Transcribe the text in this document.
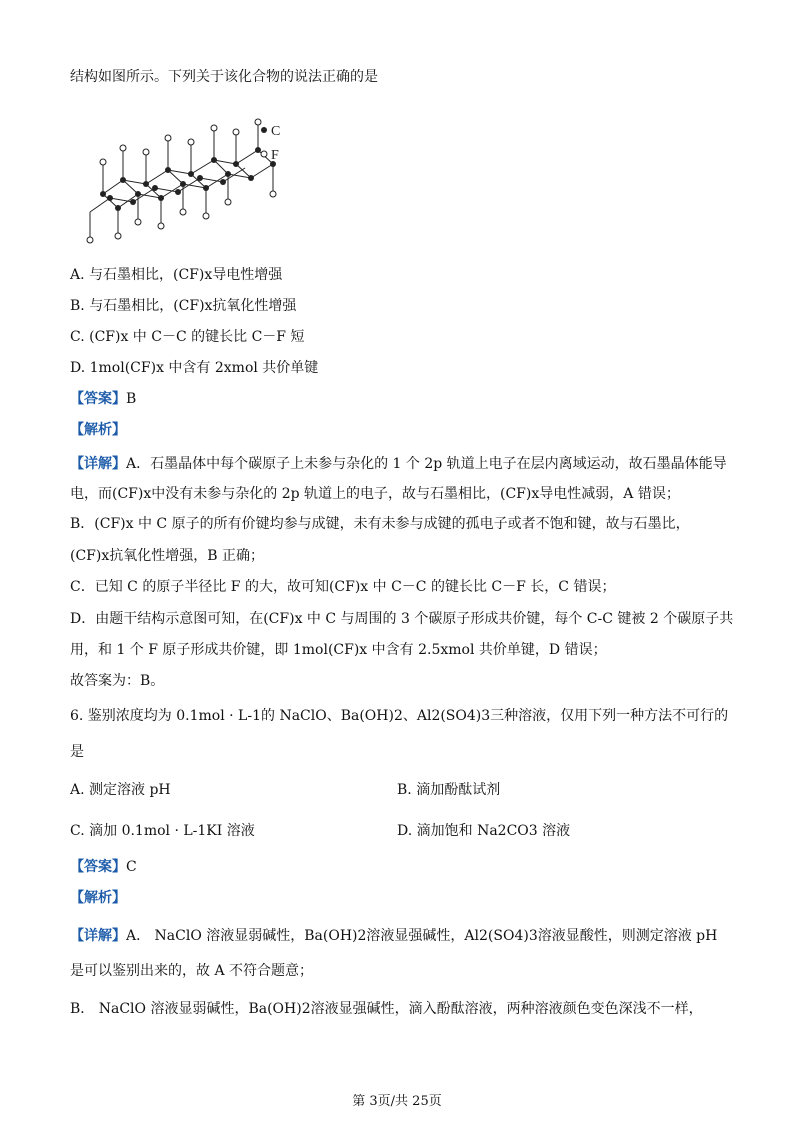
结构如图所示。下列关于该化合物的说法正确的是
C
F
A. 与石墨相比，(CF)x导电性增强
B. 与石墨相比，(CF)x抗氧化性增强
C. (CF)x 中 C－C 的键长比 C－F 短
D. 1mol(CF)x 中含有 2xmol 共价单键
【答案】B
【解析】
【详解】A．石墨晶体中每个碳原子上未参与杂化的 1 个 2p 轨道上电子在层内离域运动，故石墨晶体能导
电，而(CF)x中没有未参与杂化的 2p 轨道上的电子，故与石墨相比，(CF)x导电性减弱，A 错误；
B．(CF)x 中 C 原子的所有价键均参与成键，未有未参与成键的孤电子或者不饱和键，故与石墨比，
(CF)x抗氧化性增强，B 正确；
C．已知 C 的原子半径比 F 的大，故可知(CF)x 中 C－C 的键长比 C－F 长，C 错误；
D．由题干结构示意图可知，在(CF)x 中 C 与周围的 3 个碳原子形成共价键，每个 C-C 键被 2 个碳原子共
用，和 1 个 F 原子形成共价键，即 1mol(CF)x 中含有 2.5xmol 共价单键，D 错误；
故答案为：B。
6. 鉴别浓度均为 0.1mol · L-1的 NaClO、Ba(OH)2、Al2(SO4)3三种溶液，仅用下列一种方法不可行的
是
A. 测定溶液 pH	B. 滴加酚酞试剂
C. 滴加 0.1mol · L-1KI 溶液	D. 滴加饱和 Na2CO3 溶液
【答案】C
【解析】
【详解】A． NaClO 溶液显弱碱性，Ba(OH)2溶液显强碱性，Al2(SO4)3溶液显酸性，则测定溶液 pH
是可以鉴别出来的，故 A 不符合题意；
B． NaClO 溶液显弱碱性，Ba(OH)2溶液显强碱性，滴入酚酞溶液，两种溶液颜色变色深浅不一样，
第 3页/共 25页
